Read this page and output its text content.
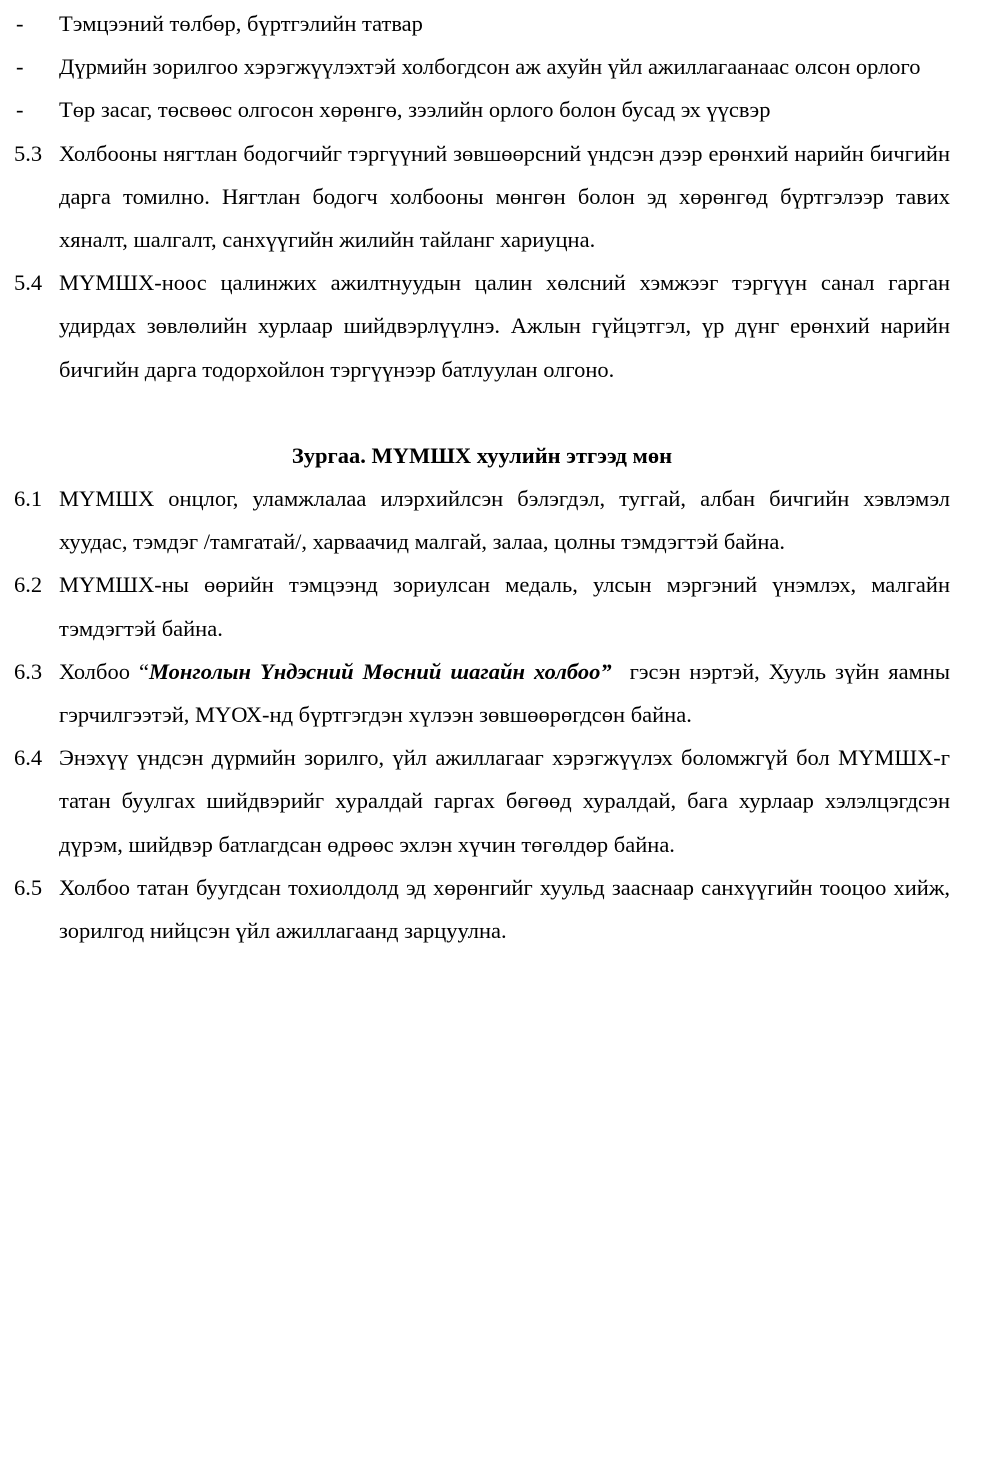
- Тэмцээний төлбөр, бүртгэлийн татвар
- Дүрмийн зорилгоо хэрэгжүүлэхтэй холбогдсон аж ахуйн үйл ажиллагаанаас олсон орлого
- Төр засаг, төсвөөс олгосон хөрөнгө, зээлийн орлого болон бусад эх үүсвэр
5.3 Холбооны нягтлан бодогчийг тэргүүний зөвшөөрсний үндсэн дээр ерөнхий нарийн бичгийн дарга томилно. Нягтлан бодогч холбооны мөнгөн болон эд хөрөнгөд бүртгэлээр тавих хяналт, шалгалт, санхүүгийн жилийн тайланг хариуцна.
5.4 МҮМШХ-ноос цалинжих ажилтнуудын цалин хөлсний хэмжээг тэргүүн санал гарган удирдах зөвлөлийн хурлаар шийдвэрлүүлнэ. Ажлын гүйцэтгэл, үр дүнг ерөнхий нарийн бичгийн дарга тодорхойлон тэргүүнээр батлуулан олгоно.
Зургаа. МҮМШХ хуулийн этгээд мөн
6.1 МҮМШХ онцлог, уламжлалаа илэрхийлсэн бэлэгдэл, туггай, албан бичгийн хэвлэмэл хуудас, тэмдэг /тамгатай/, харваачид малгай, залаа, цолны тэмдэгтэй байна.
6.2 МҮМШХ-ны өөрийн тэмцээнд зориулсан медаль, улсын мэргэний үнэмлэх, малгайн тэмдэгтэй байна.
6.3 Холбоо “Монголын Үндэсний Мөсний шагайн холбоо”  гэсэн нэртэй, Хууль зүйн яамны гэрчилгээтэй, МҮОХ-нд бүртгэгдэн хүлээн зөвшөөрөгдсөн байна.
6.4 Энэхүү үндсэн дүрмийн зорилго, үйл ажиллагааг хэрэгжүүлэх боломжгүй бол МҮМШХ-г татан буулгах шийдвэрийг хуралдай гаргах бөгөөд хуралдай, бага хурлаар хэлэлцэгдсэн дүрэм, шийдвэр батлагдсан өдрөөс эхлэн хүчин төгөлдөр байна.
6.5 Холбоо татан буугдсан тохиолдолд эд хөрөнгийг хуульд зааснаар санхүүгийн тооцоо хийж,  зорилгод нийцсэн үйл ажиллагаанд зарцуулна.
